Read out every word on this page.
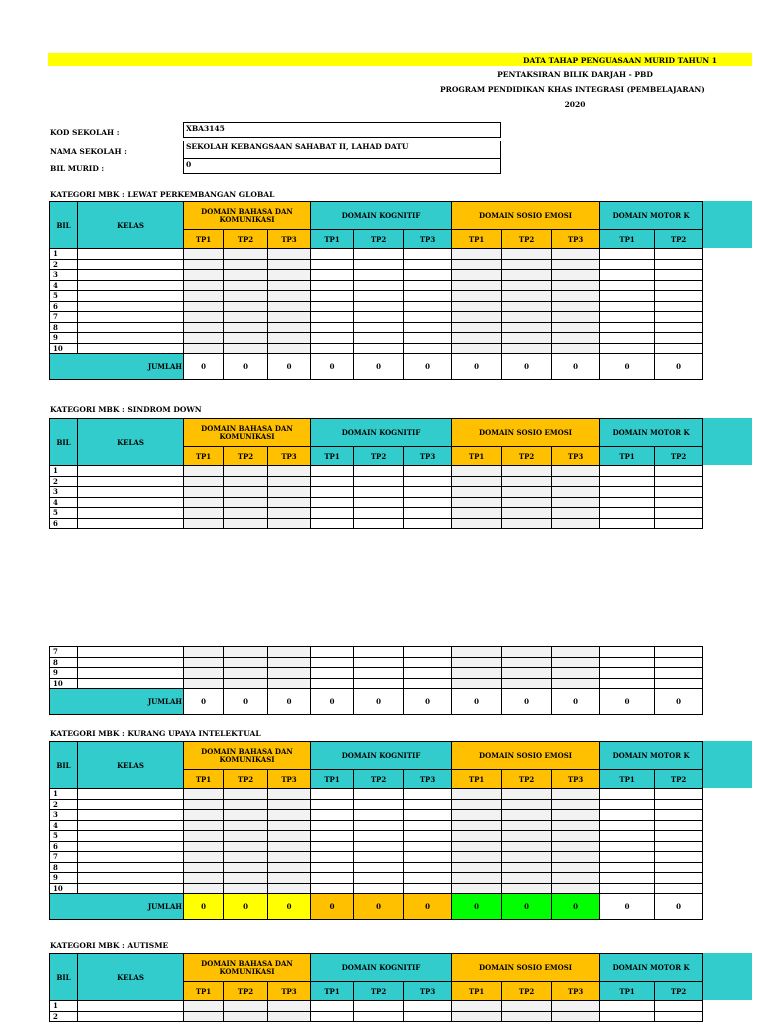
DATA TAHAP PENGUASAAN MURID TAHUN 1
PENTAKSIRAN BILIK DARJAH - PBD
PROGRAM PENDIDIKAN KHAS INTEGRASI (PEMBELAJARAN)
2020
KOD SEKOLAH :	XBA3145
NAMA SEKOLAH :
SEKOLAH KEBANGSAAN SAHABAT II, LAHAD DATU
BIL MURID :	0
KATEGORI MBK : LEWAT PERKEMBANGAN GLOBAL
BIL	KELAS	DOMAIN BAHASA DAN KOMUNIKASI			DOMAIN KOGNITIF			DOMAIN SOSIO EMOSI			DOMAIN MOTOR K	
		TP1	TP2	TP3	TP1	TP2	TP3	TP1	TP2	TP3	TP1	TP2
1												
2												
3												
4												
5												
6												
7												
8												
9												
10												
JUMLAH		0	0	0	0	0	0	0	0	0	0	0
KATEGORI MBK : SINDROM DOWN
BIL	KELAS	DOMAIN BAHASA DAN KOMUNIKASI			DOMAIN KOGNITIF			DOMAIN SOSIO EMOSI			DOMAIN MOTOR K	
		TP1	TP2	TP3	TP1	TP2	TP3	TP1	TP2	TP3	TP1	TP2
1												
2												
3												
4												
5												
6												
7												
8												
9												
10												
JUMLAH		0	0	0	0	0	0	0	0	0	0	0
KATEGORI MBK : KURANG UPAYA INTELEKTUAL
BIL	KELAS	DOMAIN BAHASA DAN KOMUNIKASI			DOMAIN KOGNITIF			DOMAIN SOSIO EMOSI			DOMAIN MOTOR K	
		TP1	TP2	TP3	TP1	TP2	TP3	TP1	TP2	TP3	TP1	TP2
1												
2												
3												
4												
5												
6												
7												
8												
9												
10												
JUMLAH		0	0	0	0	0	0	0	0	0	0	0
KATEGORI MBK : AUTISME
BIL	KELAS	DOMAIN BAHASA DAN KOMUNIKASI			DOMAIN KOGNITIF			DOMAIN SOSIO EMOSI			DOMAIN MOTOR K	
		TP1	TP2	TP3	TP1	TP2	TP3	TP1	TP2	TP3	TP1	TP2
1												
2												
